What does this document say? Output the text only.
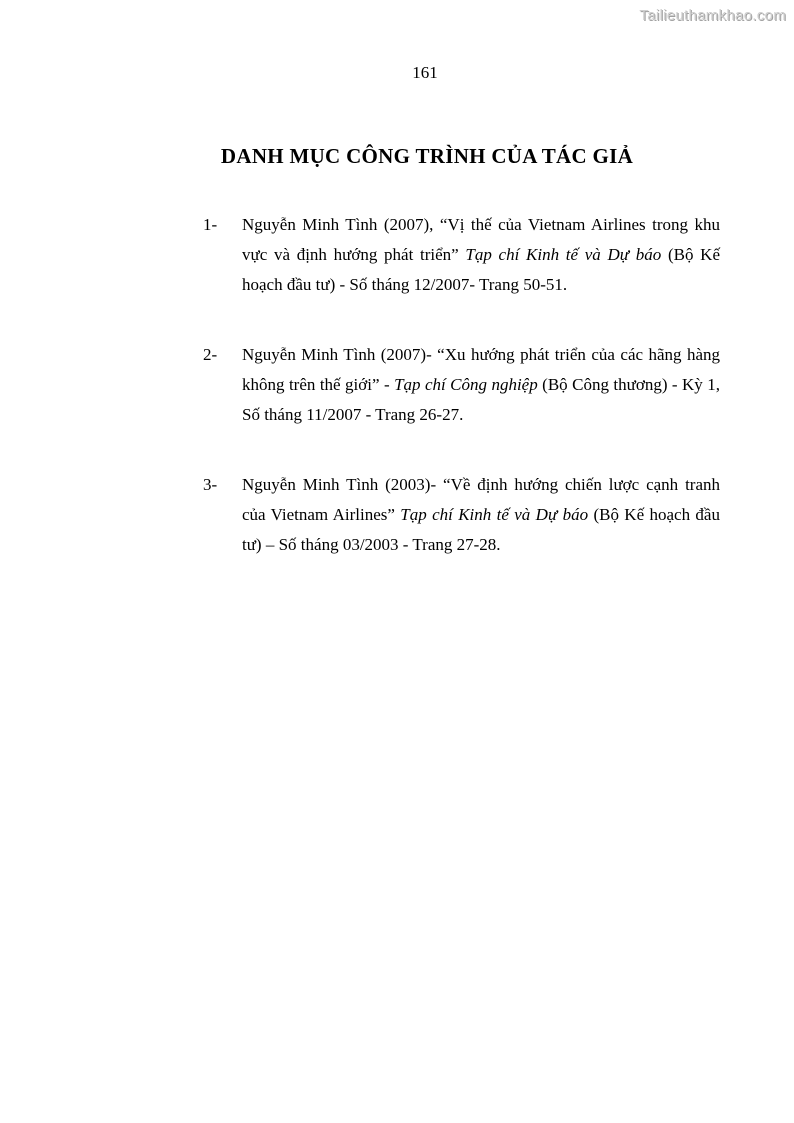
Tailieuthamkhao.com
161
DANH MỤC CÔNG TRÌNH CỦA TÁC GIẢ
1- Nguyễn Minh Tình (2007), “Vị thế của Vietnam Airlines trong khu vực và định hướng phát triển” Tạp chí Kinh tế và Dự báo (Bộ Kế hoạch đầu tư) - Số tháng 12/2007- Trang 50-51.
2- Nguyễn Minh Tình (2007)- “Xu hướng phát triển của các hãng hàng không trên thế giới” - Tạp chí Công nghiệp (Bộ Công thương) - Kỳ 1, Số tháng 11/2007 - Trang 26-27.
3- Nguyễn Minh Tình (2003)- “Về định hướng chiến lược cạnh tranh của Vietnam Airlines” Tạp chí Kinh tế và Dự báo (Bộ Kế hoạch đầu tư) – Số tháng 03/2003 - Trang 27-28.
